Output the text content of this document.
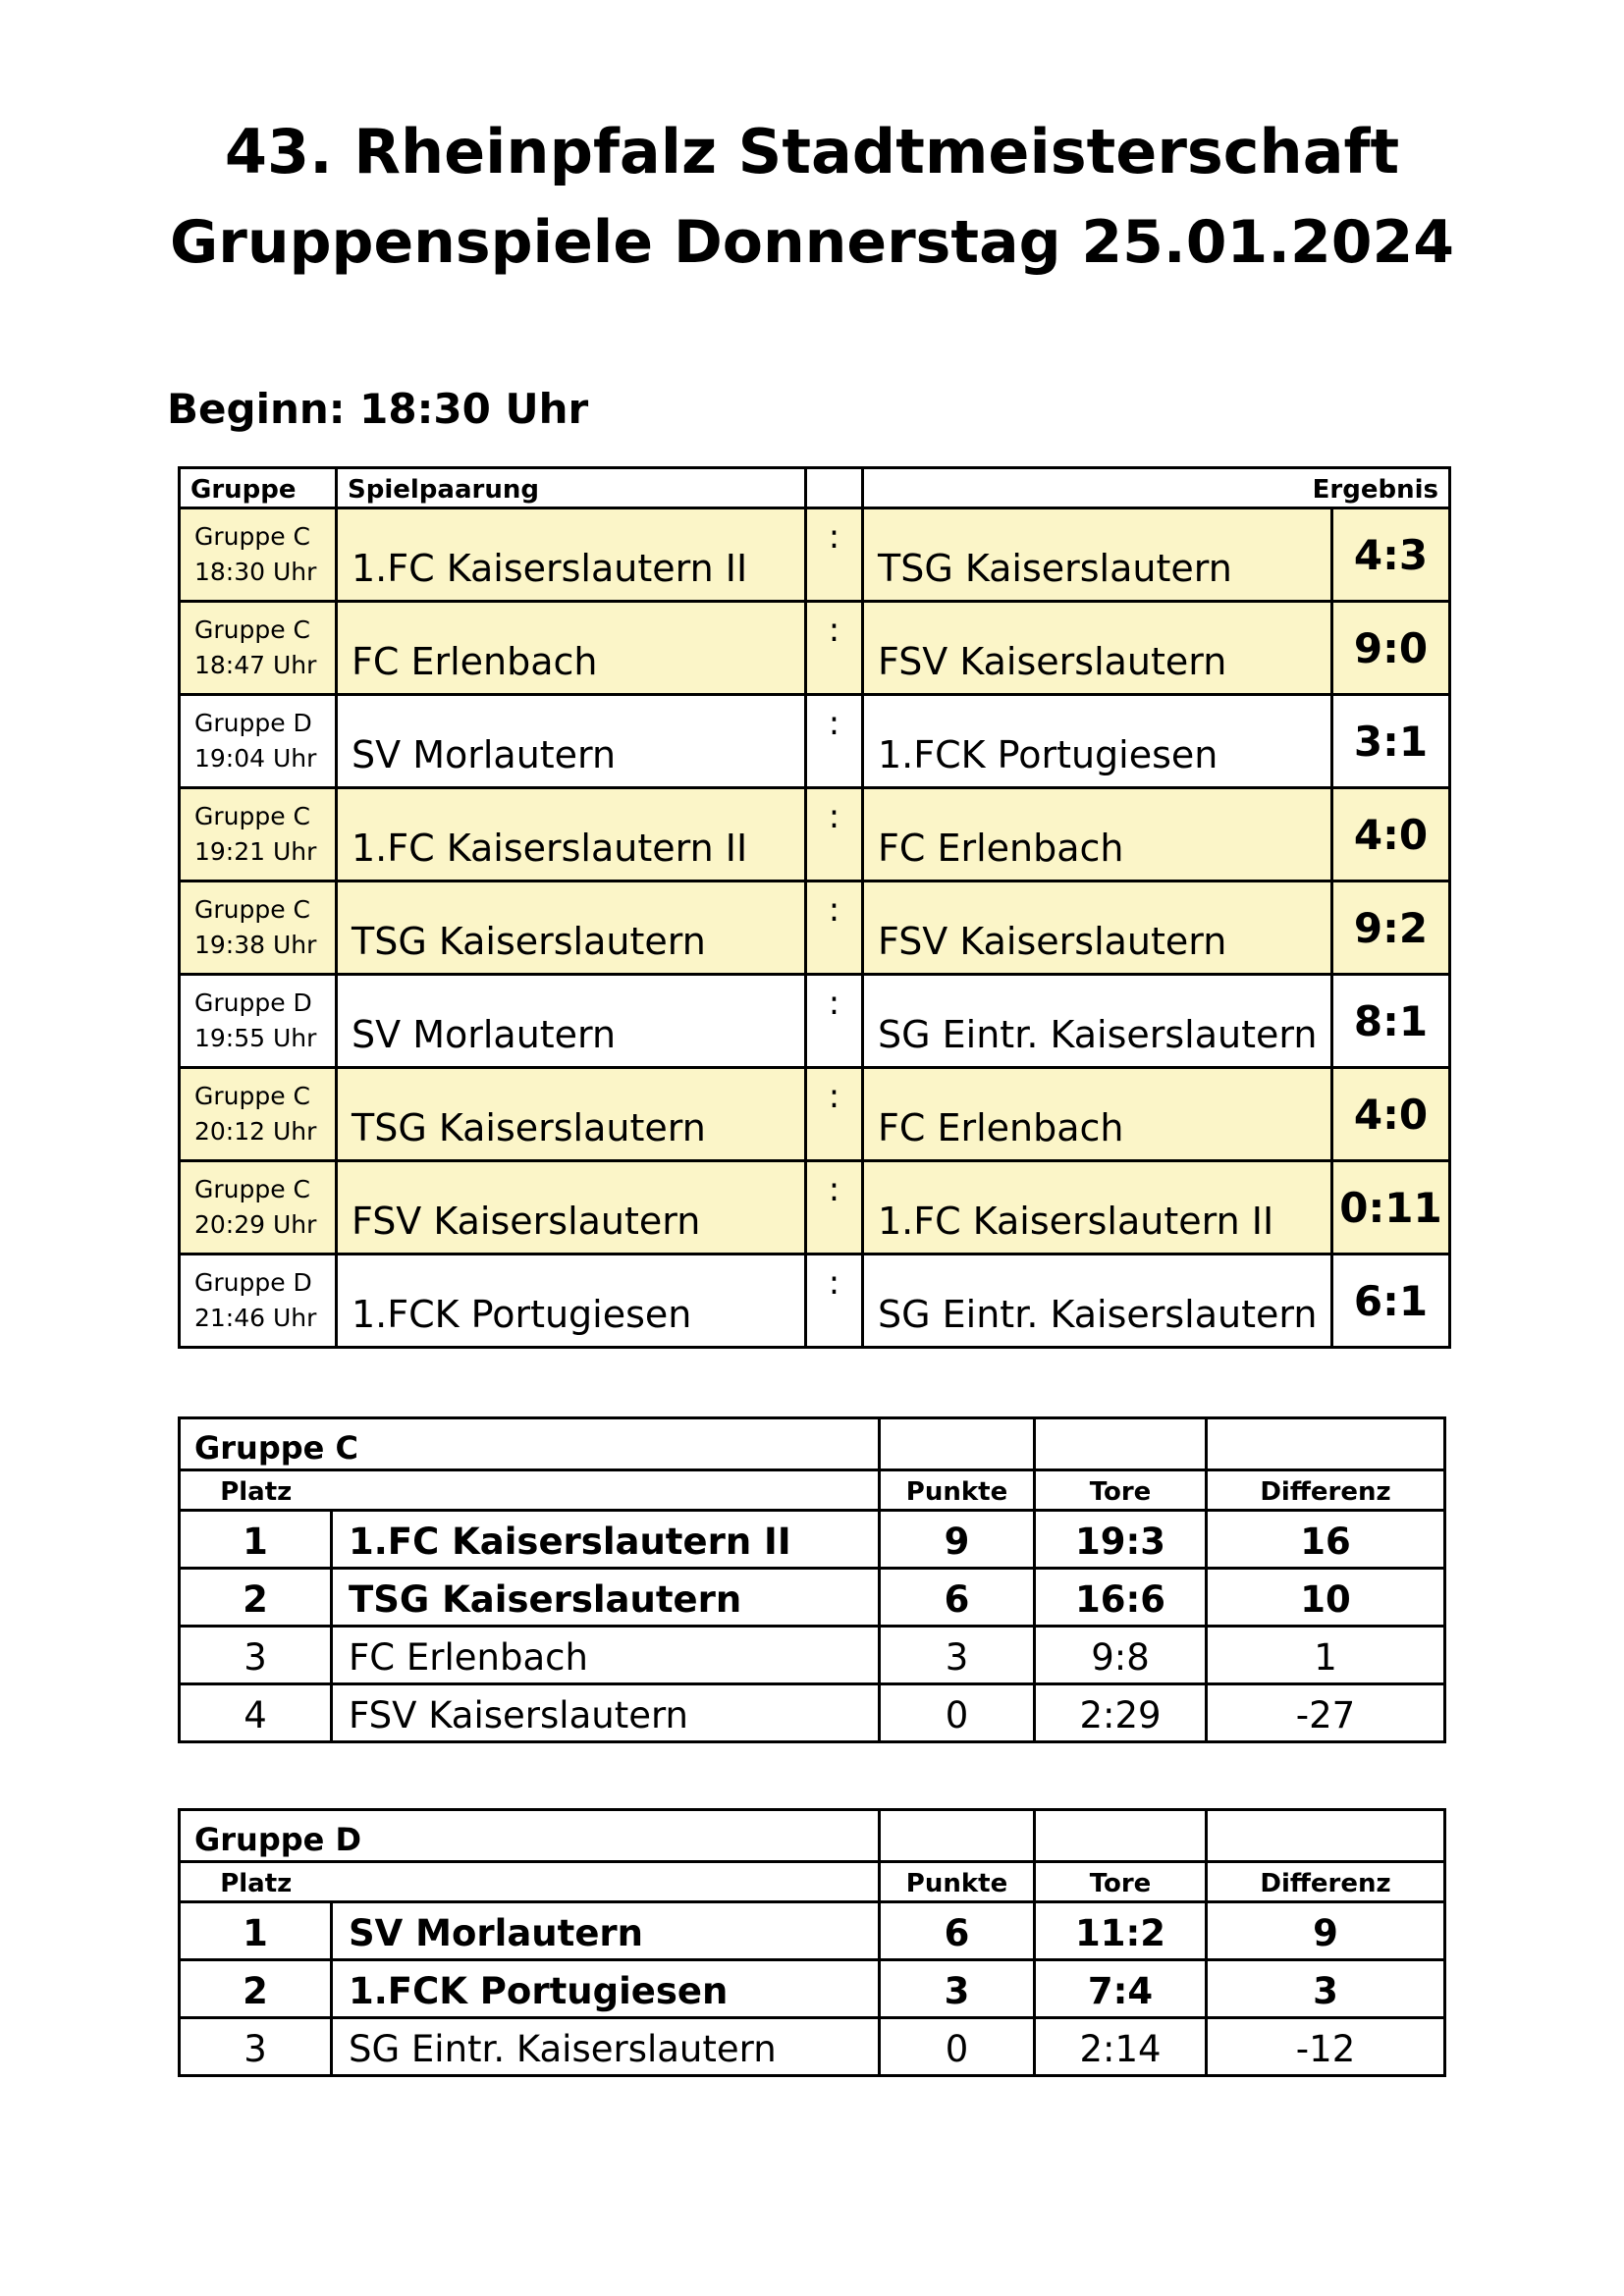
43. Rheinpfalz Stadtmeisterschaft
Gruppenspiele Donnerstag 25.01.2024
Beginn: 18:30 Uhr
Gruppe	Spielpaarung		Ergebnis	
Gruppe C
18:30 Uhr	1.FC Kaiserslautern II	:	TSG Kaiserslautern	4:3
Gruppe C
18:47 Uhr	FC Erlenbach	:	FSV Kaiserslautern	9:0
Gruppe D
19:04 Uhr	SV Morlautern	:	1.FCK Portugiesen	3:1
Gruppe C
19:21 Uhr	1.FC Kaiserslautern II	:	FC Erlenbach	4:0
Gruppe C
19:38 Uhr	TSG Kaiserslautern	:	FSV Kaiserslautern	9:2
Gruppe D
19:55 Uhr	SV Morlautern	:	SG Eintr. Kaiserslautern	8:1
Gruppe C
20:12 Uhr	TSG Kaiserslautern	:	FC Erlenbach	4:0
Gruppe C
20:29 Uhr	FSV Kaiserslautern	:	1.FC Kaiserslautern II	0:11
Gruppe D
21:46 Uhr	1.FCK Portugiesen	:	SG Eintr. Kaiserslautern	6:1
Gruppe C				
Platz		Punkte	Tore	Differenz
1	1.FC Kaiserslautern II	9	19:3	16
2	TSG Kaiserslautern	6	16:6	10
3	FC Erlenbach	3	9:8	1
4	FSV Kaiserslautern	0	2:29	-27
Gruppe D				
Platz		Punkte	Tore	Differenz
1	SV Morlautern	6	11:2	9
2	1.FCK Portugiesen	3	7:4	3
3	SG Eintr. Kaiserslautern	0	2:14	-12
